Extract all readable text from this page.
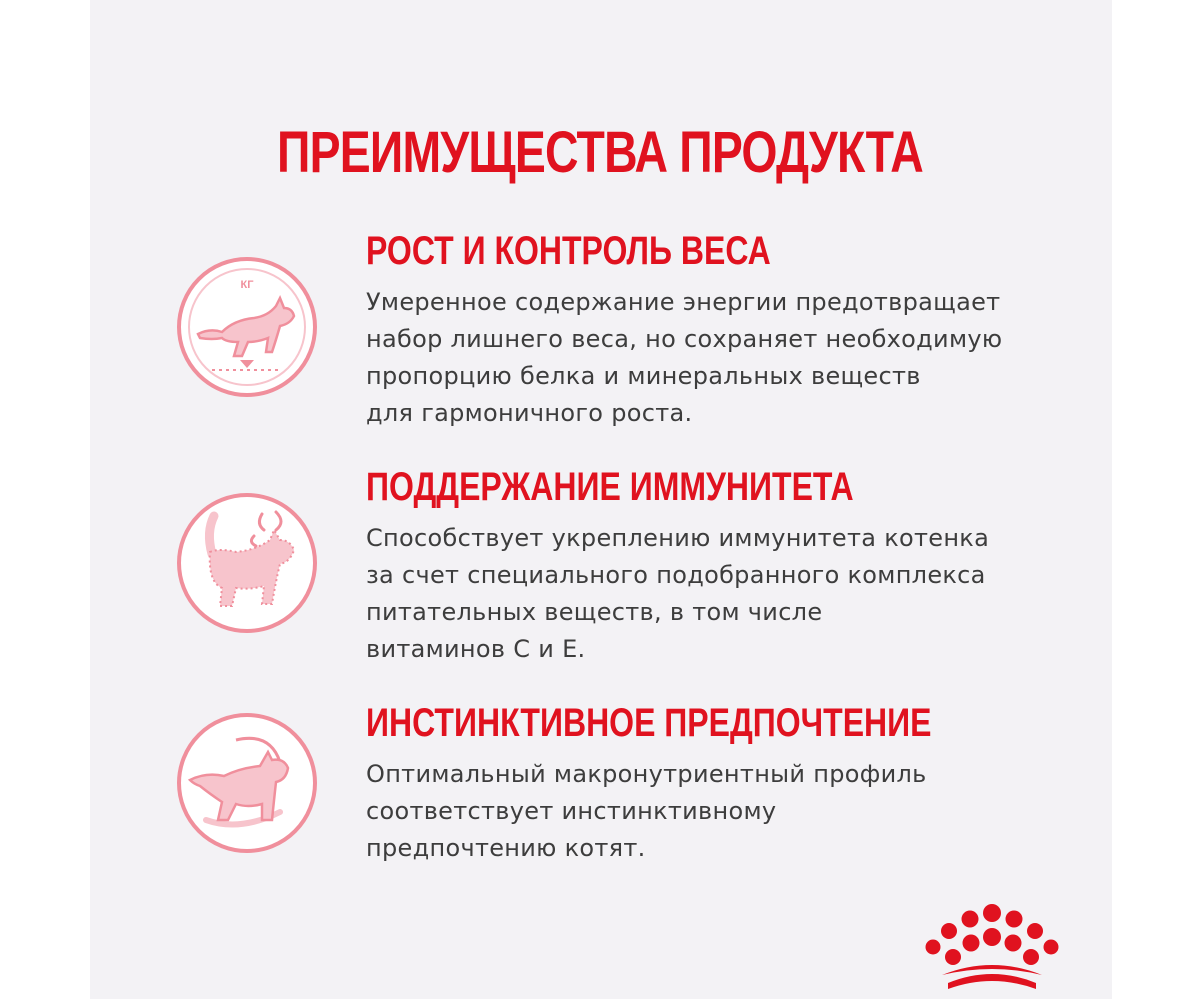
ПРЕИМУЩЕСТВА ПРОДУКТА
КГ
РОСТ И КОНТРОЛЬ ВЕСА

Умеренное содержание энергии предотвращает
набор лишнего веса, но сохраняет необходимую
пропорцию белка и минеральных веществ
для гармоничного роста.

ПОДДЕРЖАНИЕ ИММУНИТЕТА

Способствует укреплению иммунитета котенка
за счет специального подобранного комплекса
питательных веществ, в том числе
витаминов С и Е.

ИНСТИНКТИВНОЕ ПРЕДПОЧТЕНИЕ

Оптимальный макронутриентный профиль
соответствует инстинктивному
предпочтению котят.
